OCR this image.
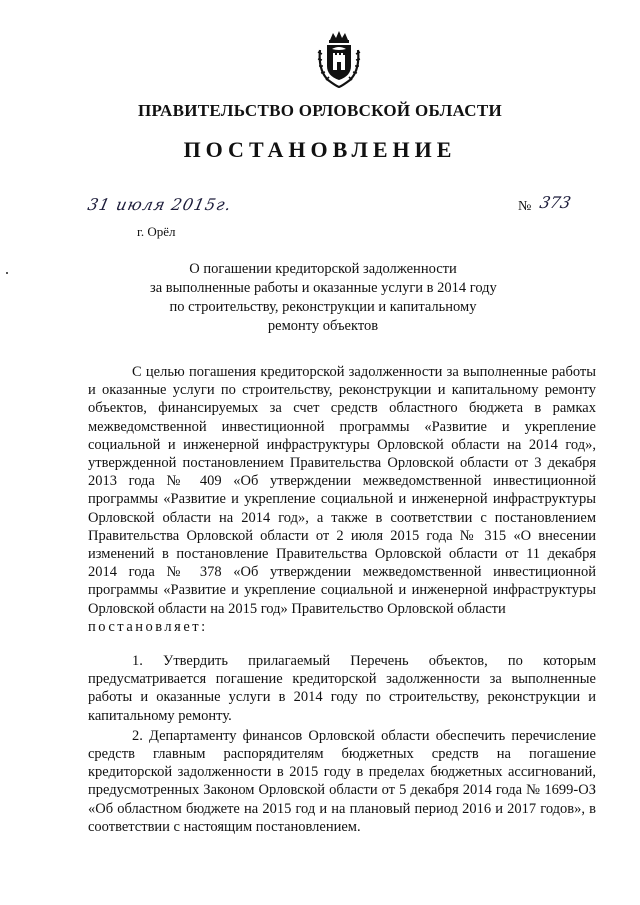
ПРАВИТЕЛЬСТВО ОРЛОВСКОЙ ОБЛАСТИ
ПОСТАНОВЛЕНИЕ
31 июля 2015г.	№ 373
г. Орёл
О погашении кредиторской задолженности
за выполненные работы и оказанные услуги в 2014 году
по строительству, реконструкции и капитальному
ремонту объектов

С целью погашения кредиторской задолженности за выполненные работы и оказанные услуги по строительству, реконструкции и капитальному ремонту объектов, финансируемых за счет средств областного бюджета в рамках межведомственной инвестиционной программы «Развитие и укрепление социальной и инженерной инфраструктуры Орловской области на 2014 год», утвержденной постановлением Правительства Орловской области от 3 декабря 2013 года № 409 «Об утверждении межведомственной инвестиционной программы «Развитие и укрепление социальной и инженерной инфраструктуры Орловской области на 2014 год», а также в соответствии с постановлением Правительства Орловской области от 2 июля 2015 года № 315 «О внесении изменений в постановление Правительства Орловской области от 11 декабря 2014 года № 378 «Об утверждении межведомственной инвестиционной программы «Развитие и укрепление социальной и инженерной инфраструктуры Орловской области на 2015 год» Правительство Орловской области

постановляет:

1. Утвердить прилагаемый Перечень объектов, по которым предусматривается погашение кредиторской задолженности за выполненные работы и оказанные услуги в 2014 году по строительству, реконструкции и капитальному ремонту.

2. Департаменту финансов Орловской области обеспечить перечисление средств главным распорядителям бюджетных средств на погашение кредиторской задолженности в 2015 году в пределах бюджетных ассигнований, предусмотренных Законом Орловской области от 5 декабря 2014 года № 1699-ОЗ «Об областном бюджете на 2015 год и на плановый период 2016 и 2017 годов», в соответствии с настоящим постановлением.
